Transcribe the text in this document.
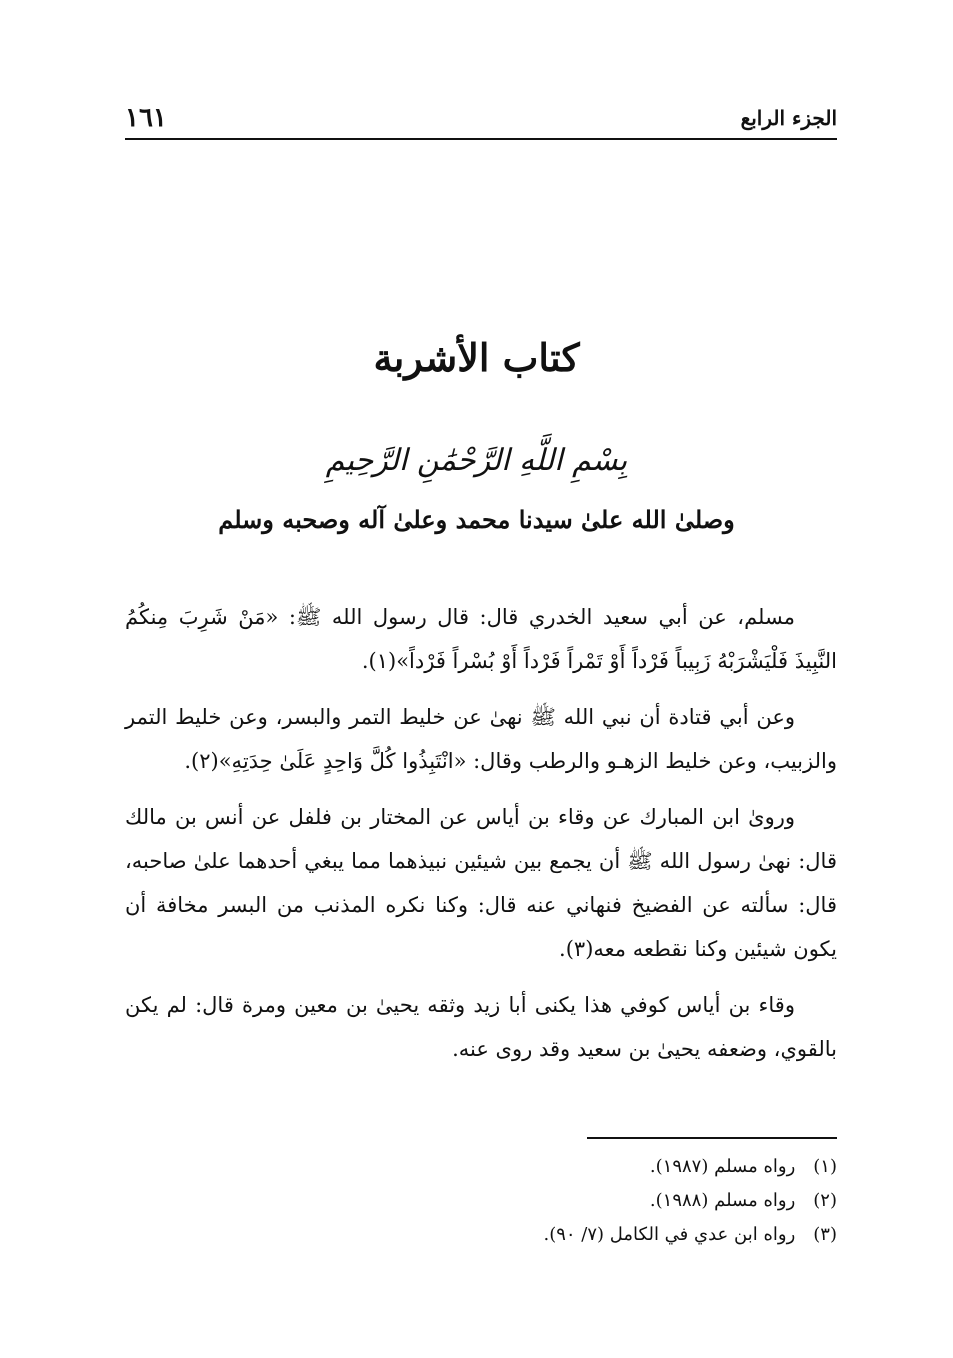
١٦١	الجزء الرابع
كتاب الأشربة
بِسْمِ اللَّهِ الرَّحْمَٰنِ الرَّحِيمِ
وصلىٰ الله علىٰ سيدنا محمد وعلىٰ آله وصحبه وسلم

مسلم، عن أبي سعيد الخدري قال: قال رسول الله ﷺ: «مَنْ شَرِبَ مِنكُمُ النَّبِيذَ فَلْيَشْرَبْهُ زَبِيباً فَرْداً أَوْ تَمْراً فَرْداً أَوْ بُسْراً فَرْداً»(١).

وعن أبي قتادة أن نبي الله ﷺ نهىٰ عن خليط التمر والبسر، وعن خليط التمر والزبيب، وعن خليط الزهـو والرطب وقال: «انْتَبِذُوا كُلَّ وَاحِدٍ عَلَىٰ حِدَتِهِ»(٢).

وروىٰ ابن المبارك عن وقاء بن أياس عن المختار بن فلفل عن أنس بن مالك قال: نهىٰ رسول الله ﷺ أن يجمع بين شيئين نبيذهما مما يبغي أحدهما علىٰ صاحبه، قال: سألته عن الفضيخ فنهاني عنه قال: وكنا نكره المذنب من البسر مخافة أن يكون شيئين وكنا نقطعه معه(٣).

وقاء بن أياس كوفي هذا يكنى أبا زيد وثقه يحيىٰ بن معين ومرة قال: لم يكن بالقوي، وضعفه يحيىٰ بن سعيد وقد روى عنه.

(١) رواه مسلم (١٩٨٧).
(٢) رواه مسلم (١٩٨٨).
(٣) رواه ابن عدي في الكامل (٧/ ٩٠).
